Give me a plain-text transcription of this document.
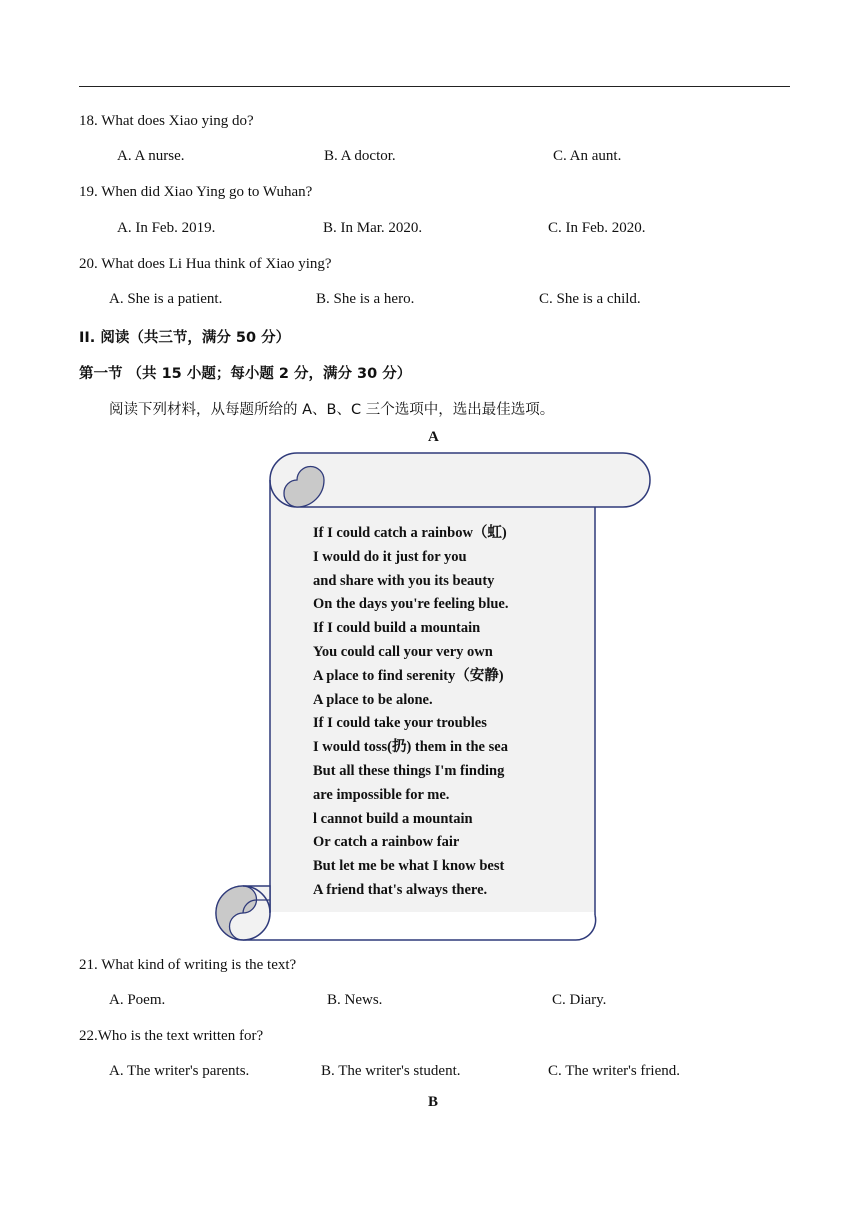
18. What does Xiao ying do?
A. A nurse.	B. A doctor.	C. An aunt.
19. When did Xiao Ying go to Wuhan?
A. In Feb. 2019.	B. In Mar. 2020.	C. In Feb. 2020.
20. What does Li Hua think of Xiao ying?
A. She is a patient.	B. She is a hero.	C. She is a child.
II. 阅读（共三节，满分 50 分）
第一节 （共 15 小题；每小题 2 分，满分 30 分）
阅读下列材料，从每题所给的 A、B、C 三个选项中，选出最佳选项。
A
If I could catch a rainbow（虹)
I would do it just for you
and share with you its beauty
On the days you're feeling blue.
If I could build a mountain
You could call your very own
A place to find serenity（安静)
A place to be alone.
If I could take your troubles
I would toss(扔) them in the sea
But all these things I'm finding
are impossible for me.
l cannot build a mountain
Or catch a rainbow fair
But let me be what I know best
A friend that's always there.
21. What kind of writing is the text?
A. Poem.	B. News.	C. Diary.
22.Who is the text written for?
A. The writer's parents.	B. The writer's student.	C. The writer's friend.
B
